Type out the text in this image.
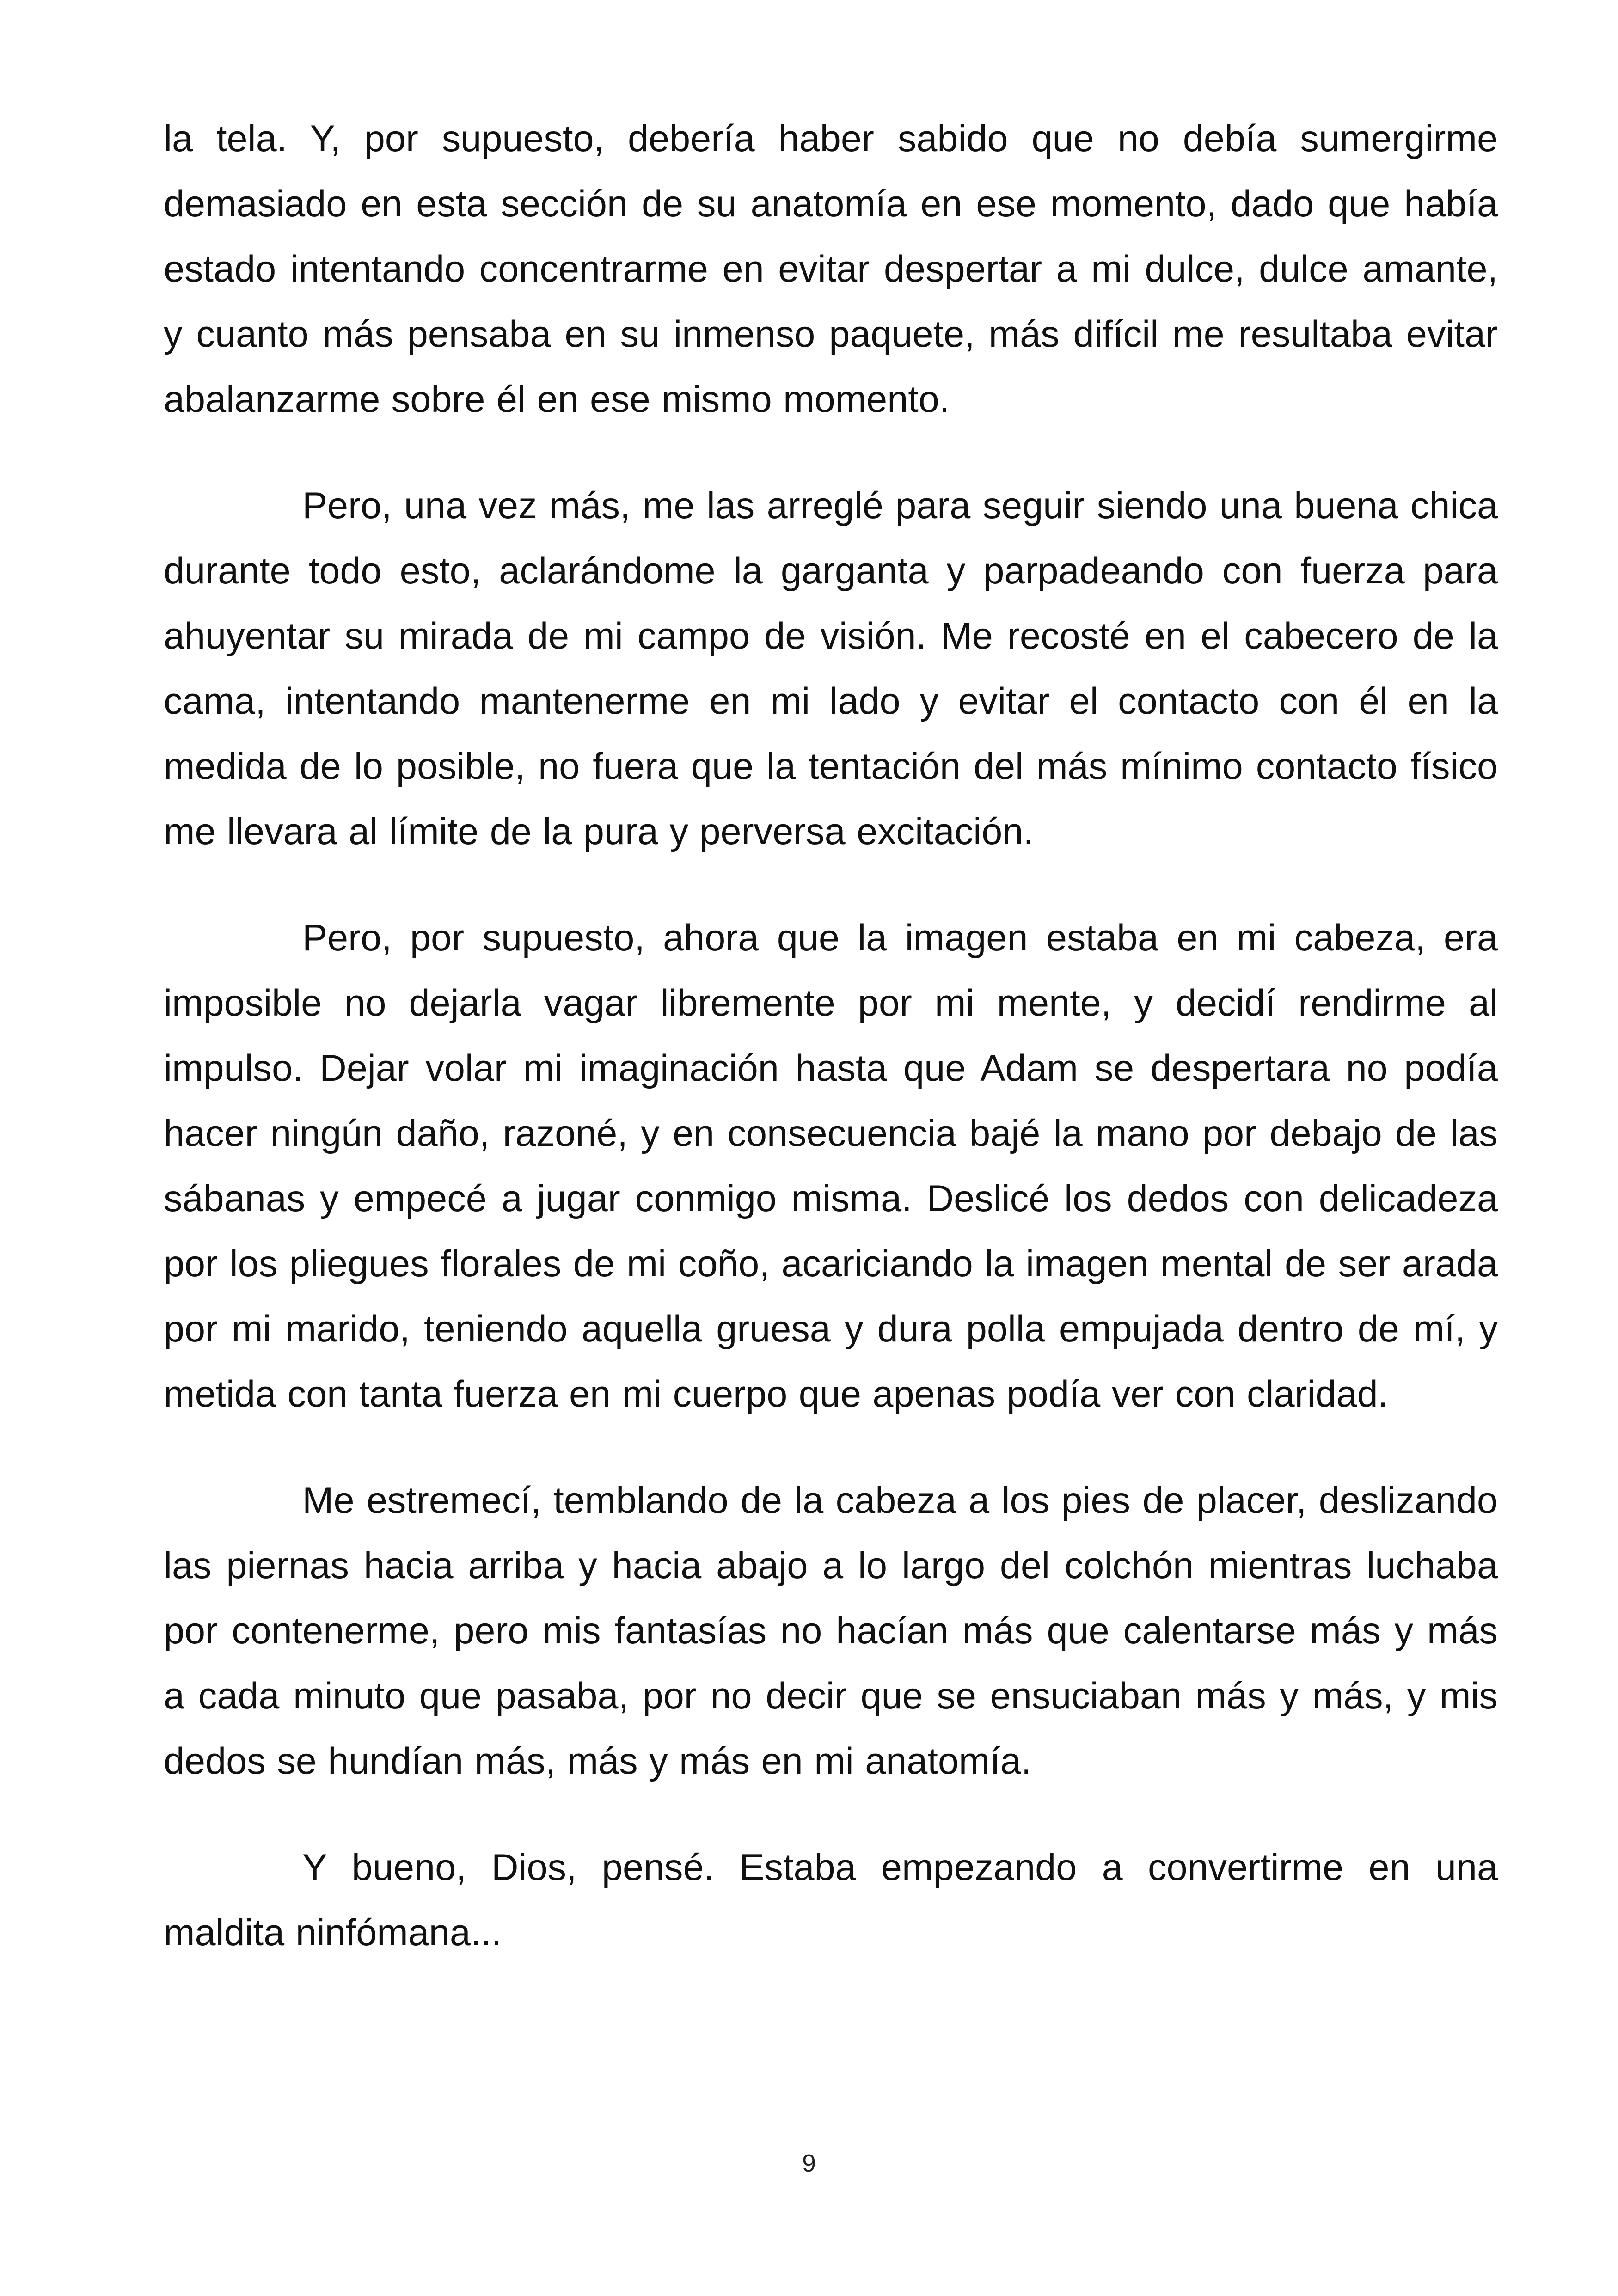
la tela. Y, por supuesto, debería haber sabido que no debía sumergirme demasiado en esta sección de su anatomía en ese momento, dado que había estado intentando concentrarme en evitar despertar a mi dulce, dulce amante, y cuanto más pensaba en su inmenso paquete, más difícil me resultaba evitar abalanzarme sobre él en ese mismo momento.

Pero, una vez más, me las arreglé para seguir siendo una buena chica durante todo esto, aclarándome la garganta y parpadeando con fuerza para ahuyentar su mirada de mi campo de visión. Me recosté en el cabecero de la cama, intentando mantenerme en mi lado y evitar el contacto con él en la medida de lo posible, no fuera que la tentación del más mínimo contacto físico me llevara al límite de la pura y perversa excitación.

Pero, por supuesto, ahora que la imagen estaba en mi cabeza, era imposible no dejarla vagar libremente por mi mente, y decidí rendirme al impulso. Dejar volar mi imaginación hasta que Adam se despertara no podía hacer ningún daño, razoné, y en consecuencia bajé la mano por debajo de las sábanas y empecé a jugar conmigo misma. Deslicé los dedos con delicadeza por los pliegues florales de mi coño, acariciando la imagen mental de ser arada por mi marido, teniendo aquella gruesa y dura polla empujada dentro de mí, y metida con tanta fuerza en mi cuerpo que apenas podía ver con claridad.

Me estremecí, temblando de la cabeza a los pies de placer, deslizando las piernas hacia arriba y hacia abajo a lo largo del colchón mientras luchaba por contenerme, pero mis fantasías no hacían más que calentarse más y más a cada minuto que pasaba, por no decir que se ensuciaban más y más, y mis dedos se hundían más, más y más en mi anatomía.

Y bueno, Dios, pensé. Estaba empezando a convertirme en una maldita ninfómana...

9
